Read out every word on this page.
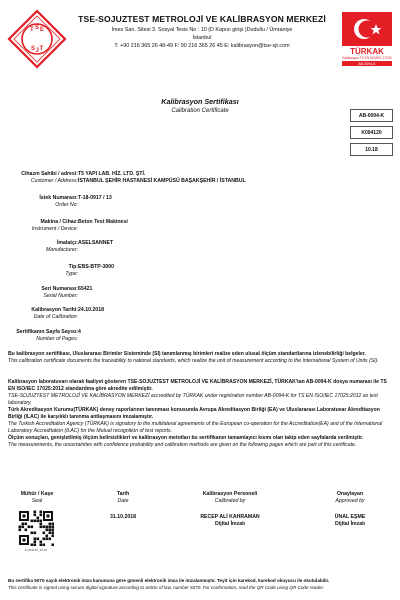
T S E
S J T
TSE-SOJUZTEST METROLOJİ VE KALİBRASYON MERKEZİ
İmes San. Sitesi 3. Sosyal Tesis No : 10 (D Kapısı girişi )Dudullu / Ümraniye
İstanbul
T: +90 216 365 26 48-49 F: 90 216 365 26 45 E: kalibrasyon@tse-sjt.com
TÜRKAK
Kalibrasyon TS EN ISO/IEC 17025
AB-0094-K
Kalibrasyon Sertifikası
Calibration Certificate
AB-0094-K
K004120
10.18
Cihazın Sahibi / adresi:
Customer / Address:
T5 YAPI LAB. HİZ. LTD. ŞTİ.
İSTANBUL ŞEHİR HASTANESİ KAMPÜSÜ BAŞAKŞEHİR / İSTANBUL
İstek Numarası:
Order No:
T-18-0917 / 13
Makina / Cihaz:
Instrument / Device:
Beton Test Makinesi
İmalatçı:
Manufacturer:
ASELSANNET
Tip:
Type:
EBS-BTP-3000
Seri Numarası:
Serial Number:
65421
Kalibrasyon Tarihi:
Date of Calibration:
24.10.2018
Sertifikanın Sayfa Sayısı:
Number of Pages:
4
Bu kalibrasyon sertifikası, Uluslararası Birimler Sisteminde (SI) tanımlanmış birimleri realize eden ulusal ölçüm standartlarına izlenebilirliği belgeler.
This calibration certificate documents the traceability to national standards, which realize the unit of measurement according to the International System of Units (SI).
Kalibrasyon laboratuvarı olarak faaliyet gösteren TSE-SOJUZTEST METROLOJİ VE KALİBRASYON MERKEZİ, TÜRKAK'tan AB-0094-K dosya numarası ile TS EN ISO/IEC 17025:2012 standardına göre akredite edilmiştir.
TSE-SOJUZTEST METROLOJİ VE KALİBRASYON MERKEZİ accredited by TÜRKAK under registration number AB-0094-K for TS EN ISO/IEC 17025:2012 as test laboratory.
Türk Akreditasyon Kurumu(TÜRKAK) deney raporlarının tanınması konusunda Avrupa Akreditasyon Birliği (EA) ve Uluslararası Laboratuvar Akreditasyon Birliği (ILAC) ile karşılıklı tanınma antlaşmasını imzalamıştır.
The Turkish Accreditation Agency (TÜRKAK) is signatory to the multilateral agreements of the European co-operation for the Accreditation(EA) and of the International Laboratory Accreditation (ILAC) for the Mutual recognition of test reports.
Ölçüm sonuçları, genişletilmiş ölçüm belirsizlikleri ve kalibrasyon metotları bu sertifikanın tamamlayıcı kısmı olan takip eden sayfalarda verilmiştir.
The measurements, the uncertainties with confidence probability and calibration methods are given on the following pages which are part of this certificate.
Mühür / Kaşe
Seal
Tarih
Date
Kalibrasyon Personeli
Calibrated by
Onaylayan
Approved by
31.10.2018	RECEP ALİ KAHRAMAN
Dijital İmzalı
ÜNAL EŞME
Dijital İmzalı
K-004120_10.18
Bu sertifika 5070 sayılı elektronik imza kanununa göre güvenli elektronik imza ile imzalanmıştır. Teyit için karekod, karekod okuyucu ile okutulabilir.
This certificate is signed using secure digital signature according to article of law, number 5070. For confirmation, read the QR Code using QR Code reader.
